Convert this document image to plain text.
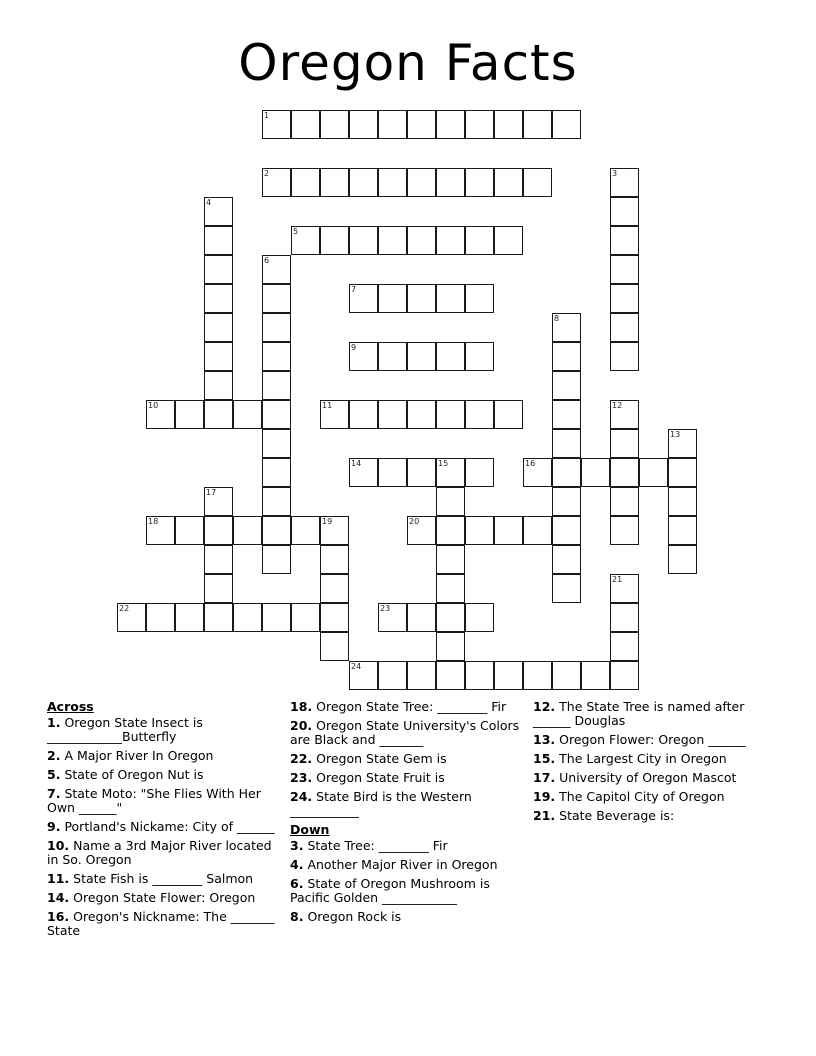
Oregon Facts
1
2	3
4
5
6
7
8
9
10	11	12
13
14	15	16
17
18	19	20
21
22	23
24
Across
1. Oregon State Insect is ____________Butterfly
2. A Major River In Oregon
5. State of Oregon Nut is
7. State Moto: "She Flies With Her Own ______"
9. Portland's Nickame: City of ______
10. Name a 3rd Major River located in So. Oregon
11. State Fish is ________ Salmon
14. Oregon State Flower: Oregon
16. Oregon's Nickname: The _______ State
18. Oregon State Tree: ________ Fir
20. Oregon State University's Colors are Black and _______
22. Oregon State Gem is
23. Oregon State Fruit is
24. State Bird is the Western ___________
Down
3. State Tree: ________ Fir
4. Another Major River in Oregon
6. State of Oregon Mushroom is Pacific Golden ____________
8. Oregon Rock is
12. The State Tree is named after ______ Douglas
13. Oregon Flower: Oregon ______
15. The Largest City in Oregon
17. University of Oregon Mascot
19. The Capitol City of Oregon
21. State Beverage is:
